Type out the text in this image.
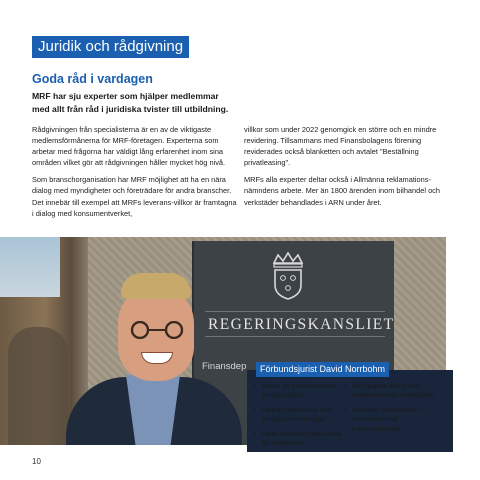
Juridik och rådgivning
Goda råd i vardagen
MRF har sju experter som hjälper medlemmar med allt från råd i juridiska tvister till utbildning.

Rådgivningen från specialisterna är en av de viktigaste medlemsförmånerna för MRF-företagen. Experterna som arbetar med frågorna har väldigt lång erfarenhet inom sina områden vilket gör att rådgivningen håller mycket hög nivå.

Som branschorganisation har MRF möjlighet att ha en nära dialog med myndigheter och företrädare för andra branscher. Det innebär till exempel att MRFs leverans-villkor är framtagna i dialog med konsumentverket,

villkor som under 2022 genomgick en större och en mindre revidering. Tillsammans med Finansbolagens förening reviderades också blanketten och avtalet "Beställning privatleasing".

MRFs alla experter deltar också i Allmänna reklamations-nämndens arbete. Mer än 1800 ärenden inom bilhandel och verkstäder behandlades i ARN under året.

REGERINGSKANSLIET
Finansdep	Förbundsjurist David Norrbohm
• Svarar på medlemmarnas juridiska frågor
• Hjälper medlemmar med juridiska formuleringar
• Håller skräddarsydda kurser för medlemmar
• Har löpande dialog med makthavare och myndigheter
• Utvecklar branschavtal i samverkan med konsumentverket
10
